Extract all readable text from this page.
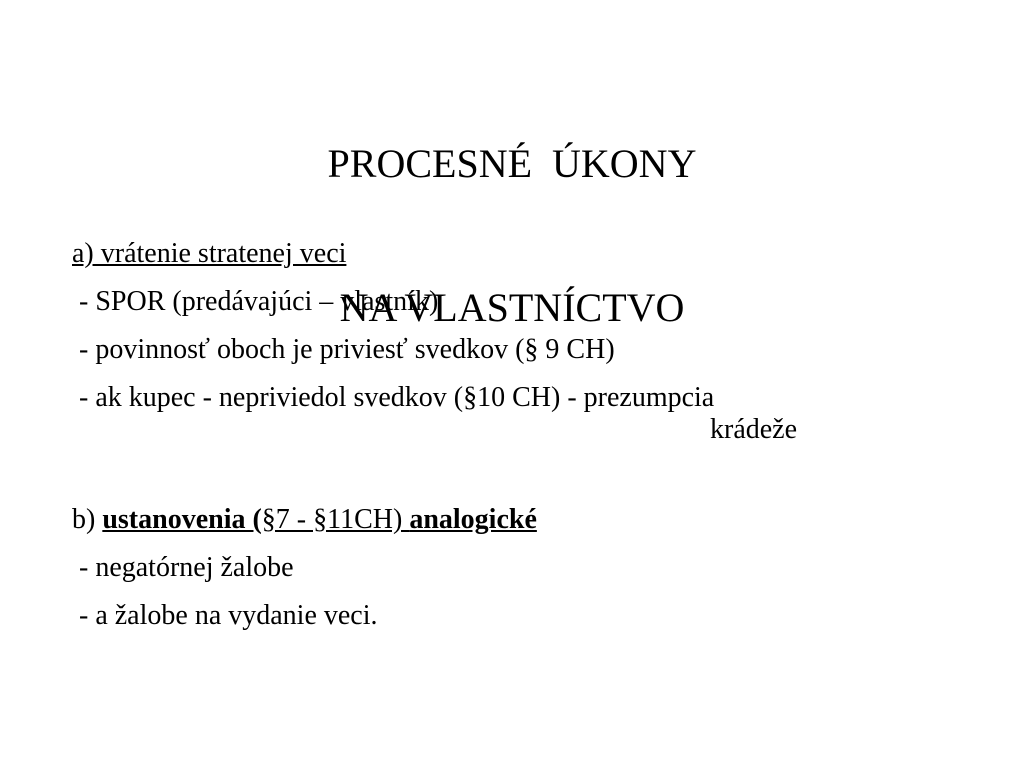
PROCESNÉ  ÚKONY

NA VLASTNÍCTVO

a) vrátenie stratenej veci
- SPOR (predávajúci – vlastník)
- povinnosť oboch je priviesť svedkov (§ 9 CH)
- ak kupec - nepriviedol svedkov (§10 CH) - prezumpcia
krádeže
b) ustanovenia (§7 - §11CH) analogické
- negatórnej žalobe
- a žalobe na vydanie veci.
